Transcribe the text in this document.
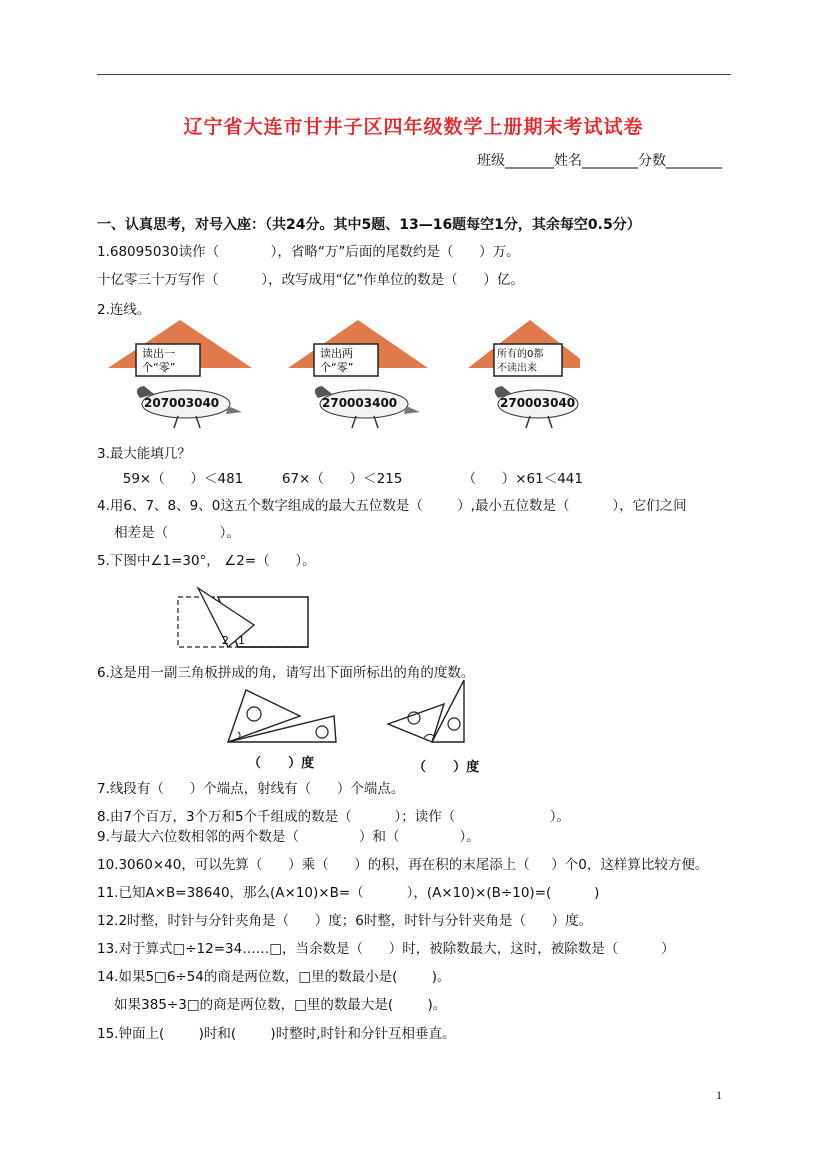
辽宁省大连市甘井子区四年级数学上册期末考试试卷
班级_______姓名________分数________
一、认真思考，对号入座：（共24分。其中5题、13—16题每空1分，其余每空0.5分）
1.68095030读作（            ），省略“万”后面的尾数约是（      ）万。
十亿零三十万写作（          ），改写成用“亿”作单位的数是（      ）亿。
2.连线。
读出一
个“零”
读出两
个“零”
所有的0都
不读出来
207003040	270003400	270003040
3.最大能填几？
59×（      ）＜481         67×（      ）＜215              （      ）×61＜441
4.用6、7、8、9、0这五个数字组成的最大五位数是（        ）,最小五位数是（          ），它们之间
相差是（            ）。
5.下图中∠1=30°， ∠2=（      ）。
2 1
6.这是用一副三角板拼成的角，请写出下面所标出的角的度数。
（      ）度	（      ）度
7.线段有（      ）个端点，射线有（      ）个端点。
8.由7个百万，3个万和5个千组成的数是（          ）；读作（                      ）。
9.与最大六位数相邻的两个数是（              ）和（              ）。
10.3060×40，可以先算（      ）乘（      ）的积，再在积的末尾添上（     ）个0，这样算比较方便。
11.已知A×B=38640，那么(A×10)×B=（          ），(A×10)×(B÷10)=(          )
12.2时整，时针与分针夹角是（      ）度；6时整，时针与分针夹角是（      ）度。
13.对于算式□÷12=34……□，当余数是（      ）时，被除数最大，这时，被除数是（          ）
14.如果5□6÷54的商是两位数，□里的数最小是(        )。
如果385÷3□的商是两位数，□里的数最大是(        )。
15.钟面上(        )时和(        )时整时,时针和分针互相垂直。
1
